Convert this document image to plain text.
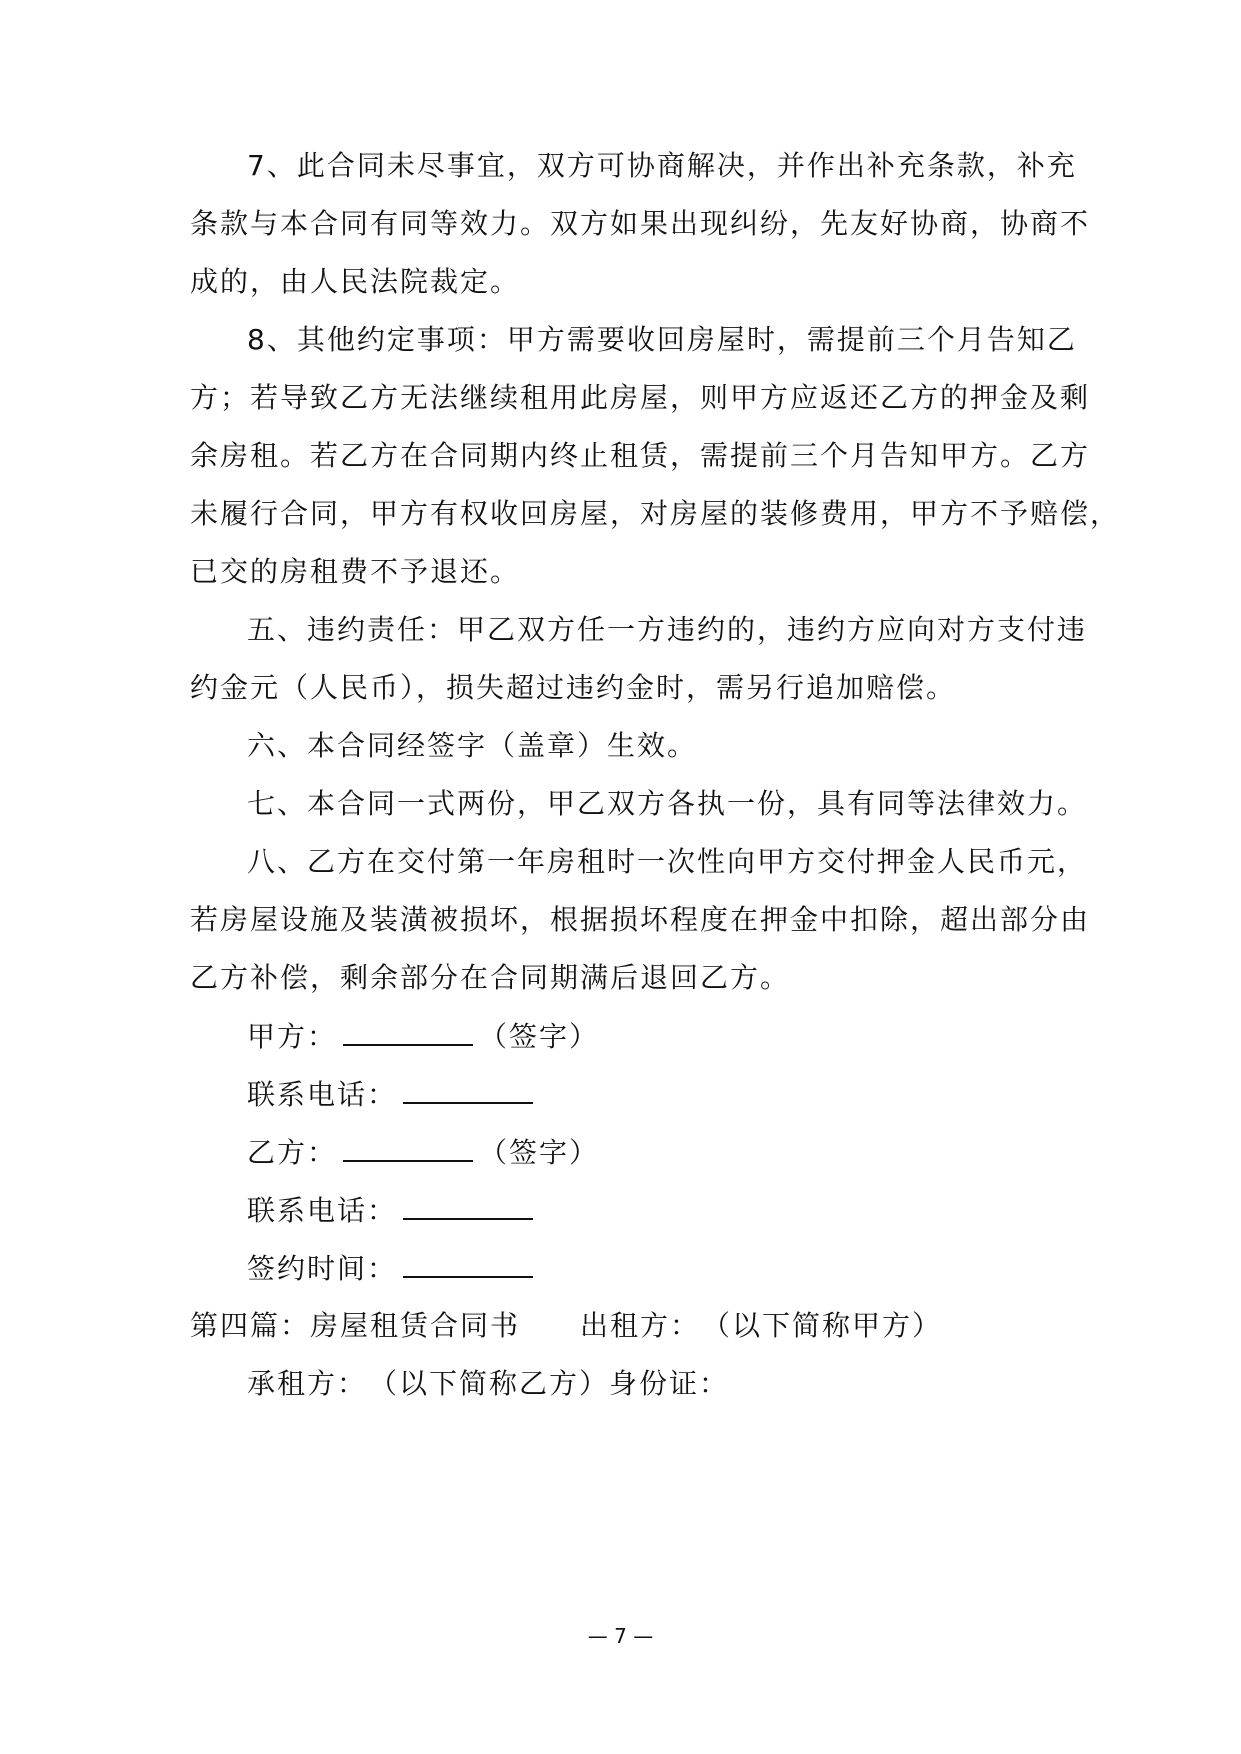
7、此合同未尽事宜，双方可协商解决，并作出补充条款，补充
条款与本合同有同等效力。双方如果出现纠纷，先友好协商，协商不
成的，由人民法院裁定。
8、其他约定事项：甲方需要收回房屋时，需提前三个月告知乙
方；若导致乙方无法继续租用此房屋，则甲方应返还乙方的押金及剩
余房租。若乙方在合同期内终止租赁，需提前三个月告知甲方。乙方
未履行合同，甲方有权收回房屋，对房屋的装修费用，甲方不予赔偿，
已交的房租费不予退还。
五、违约责任：甲乙双方任一方违约的，违约方应向对方支付违
约金元（人民币），损失超过违约金时，需另行追加赔偿。
六、本合同经签字（盖章）生效。
七、本合同一式两份，甲乙双方各执一份，具有同等法律效力。
八、乙方在交付第一年房租时一次性向甲方交付押金人民币元，
若房屋设施及装潢被损坏，根据损坏程度在押金中扣除，超出部分由
乙方补偿，剩余部分在合同期满后退回乙方。
甲方：	（签字）
联系电话：
乙方：	（签字）
联系电话：
签约时间：
第四篇：房屋租赁合同书 出租方：　（以下简称甲方）
承租方：　（以下简称乙方）身份证：
— 7 —
